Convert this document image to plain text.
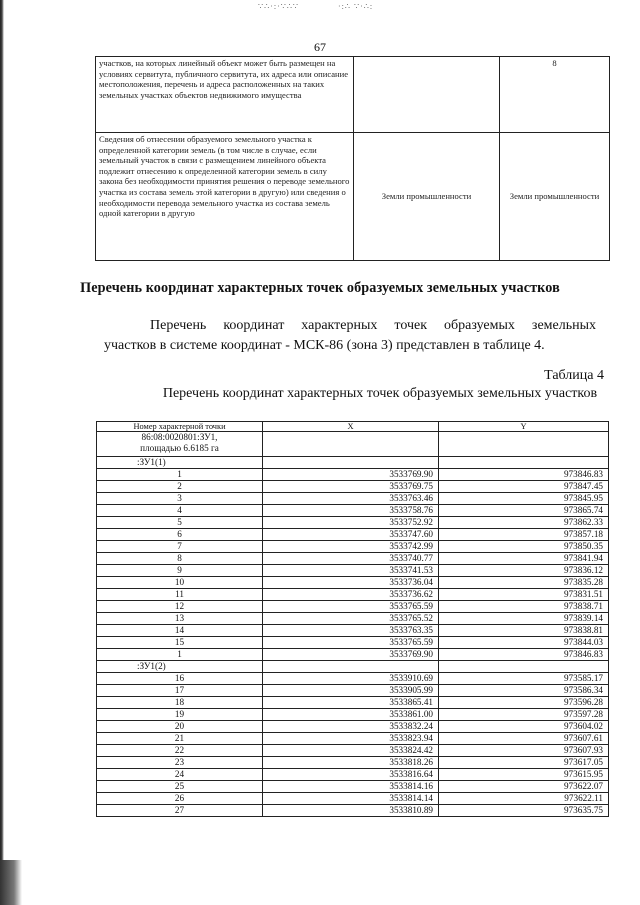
∵∴·:·∵∴∵	·:∴ ∵·∴:
67
участков, на которых линейный объект может быть размещен на условиях сервитута, публичного сервитута, их адреса или описание местоположения, перечень и адреса расположенных на таких земельных участках объектов недвижимого имущества		8
Сведения об отнесении образуемого земельного участка к определенной категории земель (в том числе в случае, если земельный участок в связи с размещением линейного объекта подлежит отнесению к определенной категории земель в силу закона без необходимости принятия решения о переводе земельного участка из состава земель этой категории в другую) или сведения о необходимости перевода земельного участка из состава земель одной категории в другую	Земли промышленности	Земли промышленности
Перечень координат характерных точек образуемых земельных участков
Перечень координат характерных точек образуемых земельных
участков в системе координат - МСК-86 (зона 3) представлен в таблице 4.
Таблица 4
Перечень координат характерных точек образуемых земельных участков
Номер характерной точки	X	Y

86:08:0020801:ЗУ1,
площадью 6.6185 га		

:ЗУ1(1)		
1	3533769.90	973846.83
2	3533769.75	973847.45
3	3533763.46	973845.95
4	3533758.76	973865.74
5	3533752.92	973862.33
6	3533747.60	973857.18
7	3533742.99	973850.35
8	3533740.77	973841.94
9	3533741.53	973836.12
10	3533736.04	973835.28
11	3533736.62	973831.51
12	3533765.59	973838.71
13	3533765.52	973839.14
14	3533763.35	973838.81
15	3533765.59	973844.03
1	3533769.90	973846.83
:ЗУ1(2)		
16	3533910.69	973585.17
17	3533905.99	973586.34
18	3533865.41	973596.28
19	3533861.00	973597.28
20	3533832.24	973604.02
21	3533823.94	973607.61
22	3533824.42	973607.93
23	3533818.26	973617.05
24	3533816.64	973615.95
25	3533814.16	973622.07
26	3533814.14	973622.11
27	3533810.89	973635.75
